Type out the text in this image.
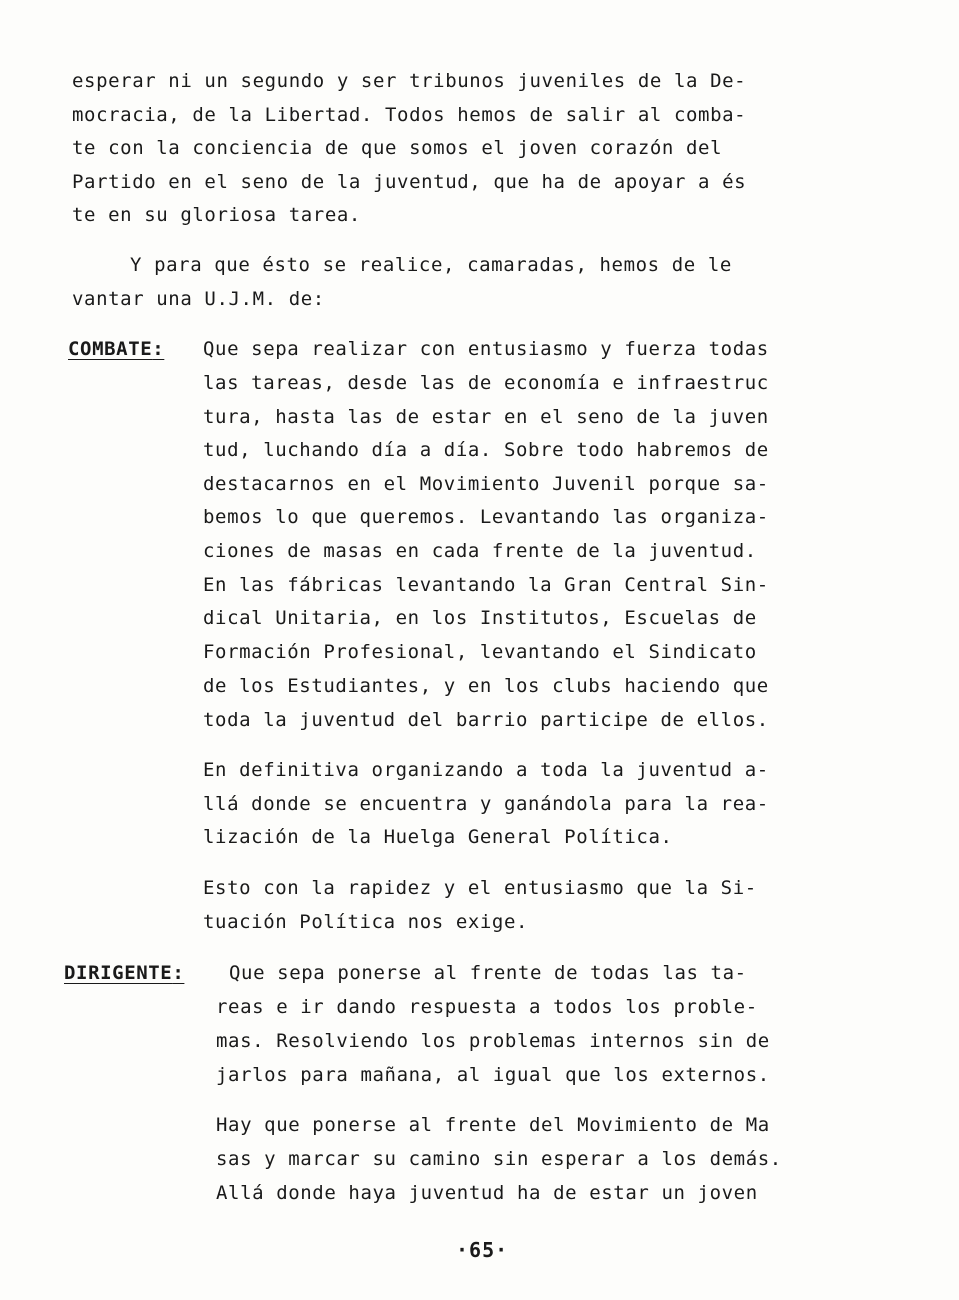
esperar ni un segundo y ser tribunos juveniles de la De-
mocracia, de la Libertad. Todos hemos de salir al comba-
te con la conciencia de que somos el joven corazón del
Partido en el seno de la juventud, que ha de apoyar a és
te en su gloriosa tarea.
Y para que ésto se realice, camaradas, hemos de le
vantar una U.J.M. de:
COMBATE: Que sepa realizar con entusiasmo y fuerza todas
las tareas, desde las de economía e infraestruc
tura, hasta las de estar en el seno de la juven
tud, luchando día a día. Sobre todo habremos de
destacarnos en el Movimiento Juvenil porque sa-
bemos lo que queremos. Levantando las organiza-
ciones de masas en cada frente de la juventud.
En las fábricas levantando la Gran Central Sin-
dical Unitaria, en los Institutos, Escuelas de
Formación Profesional, levantando el Sindicato
de los Estudiantes, y en los clubs haciendo que
toda la juventud del barrio participe de ellos.
En definitiva organizando a toda la juventud a-
llá donde se encuentra y ganándola para la rea-
lización de la Huelga General Política.
Esto con la rapidez y el entusiasmo que la Si-
tuación Política nos exige.
DIRIGENTE: Que sepa ponerse al frente de todas las ta-
reas e ir dando respuesta a todos los proble-
mas. Resolviendo los problemas internos sin de
jarlos para mañana, al igual que los externos.
Hay que ponerse al frente del Movimiento de Ma
sas y marcar su camino sin esperar a los demás.
Allá donde haya juventud ha de estar un joven
·65·
